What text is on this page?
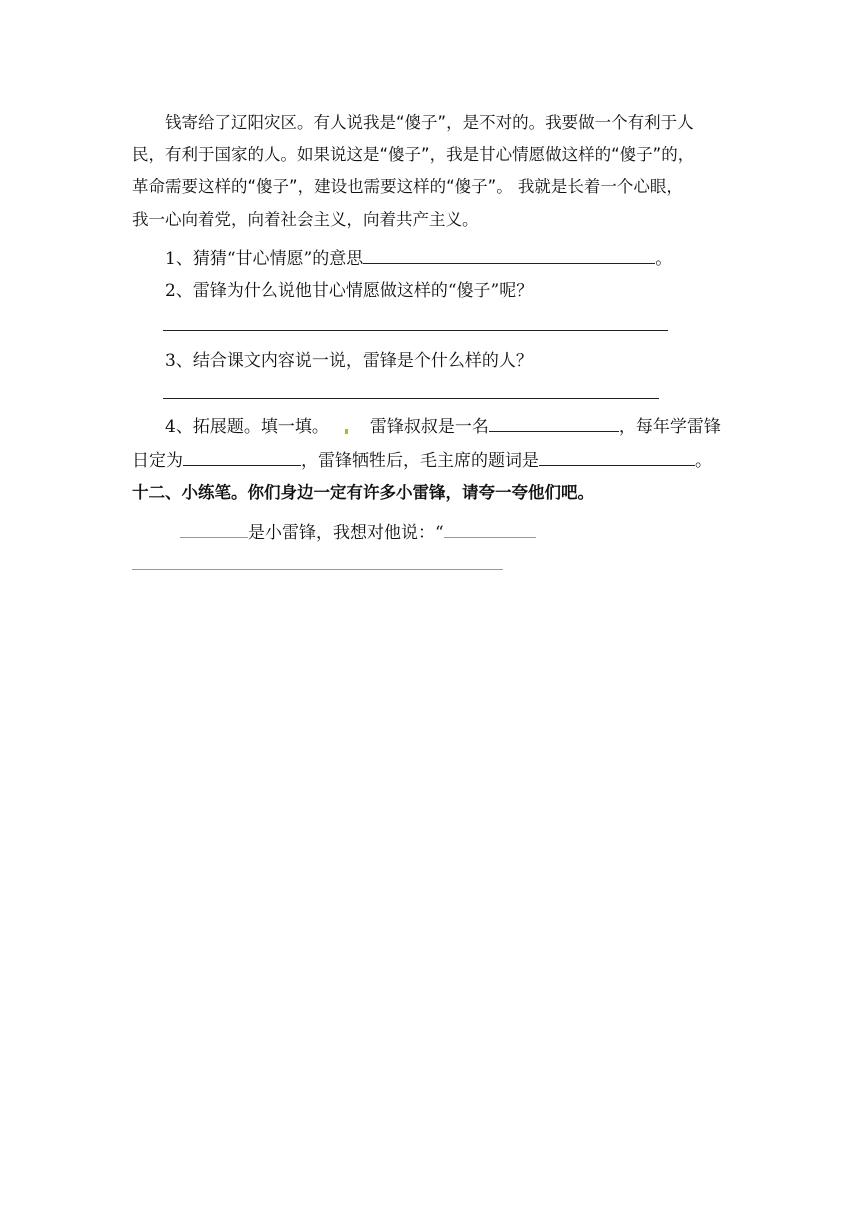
钱寄给了辽阳灾区。有人说我是“傻子”，是不对的。我要做一个有利于人
民，有利于国家的人。如果说这是“傻子”，我是甘心情愿做这样的“傻子”的，
革命需要这样的“傻子”，建设也需要这样的“傻子”。 我就是长着一个心眼，
我一心向着党，向着社会主义，向着共产主义。
1、猜猜“甘心情愿”的意思	。
2、雷锋为什么说他甘心情愿做这样的“傻子”呢？
3、结合课文内容说一说，雷锋是个什么样的人？
4、拓展题。填一填。 雷锋叔叔是一名	，每年学雷锋
日定为	，雷锋牺牲后，毛主席的题词是	。
十二、小练笔。你们身边一定有许多小雷锋，请夸一夸他们吧。
是小雷锋，我想对他说：“
